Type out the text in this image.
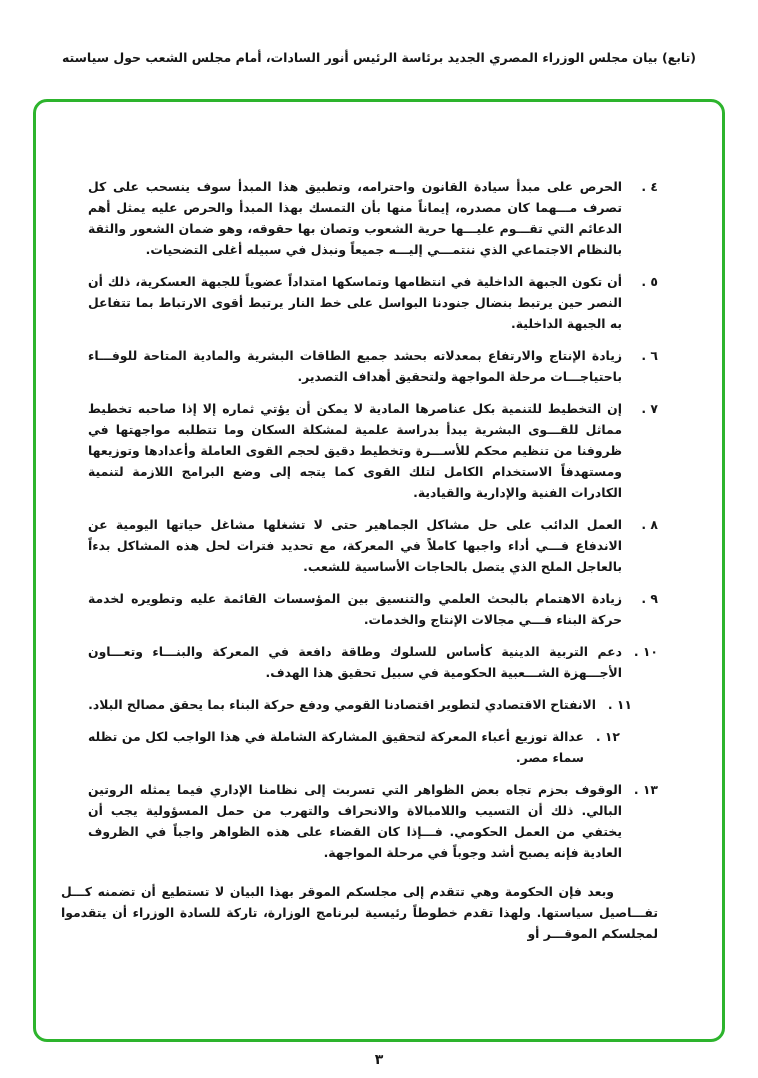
(تابع) بيان مجلس الوزراء المصري الجديد برئاسة الرئيس أنور السادات، أمام مجلس الشعب حول سياسته
٤ .
الحرص على مبدأ سيادة القانون واحترامه، وتطبيق هذا المبدأ سوف ينسحب على كل تصرف مـــهما كان مصدره، إيماناً منها بأن التمسك بهذا المبدأ والحرص عليه يمثل أهم الدعائم التي تقـــوم عليـــها حرية الشعوب وتصان بها حقوقه، وهو ضمان الشعور والثقة بالنظام الاجتماعي الذي ننتمـــي إليـــه جميعاً ونبذل في سبيله أغلى التضحيات.
٥ .
أن تكون الجبهة الداخلية في انتظامها وتماسكها امتداداً عضوياً للجبهة العسكرية، ذلك أن النصر حين يرتبط بنضال جنودنا البواسل على خط النار يرتبط أقوى الارتباط بما تتفاعل به الجبهة الداخلية.
٦ .
زيادة الإنتاج والارتفاع بمعدلاته بحشد جميع الطاقات البشرية والمادية المتاحة للوفـــاء باحتياجـــات مرحلة المواجهة ولتحقيق أهداف التصدير.
٧ .
إن التخطيط للتنمية بكل عناصرها المادية لا يمكن أن يؤتي ثماره إلا إذا صاحبه تخطيط مماثل للقـــوى البشرية يبدأ بدراسة علمية لمشكلة السكان وما تتطلبه مواجهتها في ظروفنا من تنظيم محكم للأســـرة وتخطيط دقيق لحجم القوى العاملة وأعدادها وتوزيعها ومستهدفاً الاستخدام الكامل لتلك القوى كما يتجه إلى وضع البرامج اللازمة لتنمية الكادرات الفنية والإدارية والقيادية.
٨ .
العمل الدائب على حل مشاكل الجماهير حتى لا تشغلها مشاغل حياتها اليومية عن الاندفاع فـــي أداء واجبها كاملاً في المعركة، مع تحديد فترات لحل هذه المشاكل بدءاً بالعاجل الملح الذي يتصل بالحاجات الأساسية للشعب.
٩ .
زيادة الاهتمام بالبحث العلمي والتنسيق بين المؤسسات القائمة عليه وتطويره لخدمة حركة البناء فـــي مجالات الإنتاج والخدمات.
١٠ .
دعم التربية الدينية كأساس للسلوك وطاقة دافعة في المعركة والبنـــاء وتعـــاون الأجـــهزة الشـــعبية الحكومية في سبيل تحقيق هذا الهدف.
١١ .
الانفتاح الاقتصادي لتطوير اقتصادنا القومي ودفع حركة البناء بما يحقق مصالح البلاد.
١٢ .
عدالة توزيع أعباء المعركة لتحقيق المشاركة الشاملة في هذا الواجب لكل من تظله سماء مصر.
١٣ .
الوقوف بحزم تجاه بعض الظواهر التي تسربت إلى نظامنا الإداري فيما يمثله الروتين البالي. ذلك أن التسيب واللامبالاة والانحراف والتهرب من حمل المسؤولية يجب أن يختفي من العمل الحكومي. فـــإذا كان القضاء على هذه الظواهر واجباً في الظروف العادية فإنه يصبح أشد وجوباً في مرحلة المواجهة.

وبعد فإن الحكومة وهي تتقدم إلى مجلسكم الموقر بهذا البيان لا تستطيع أن تضمنه كـــل تفـــاصيل سياستها. ولهذا تقدم خطوطاً رئيسية لبرنامج الوزارة، تاركة للسادة الوزراء أن يتقدموا لمجلسكم الموقـــر أو

٣
